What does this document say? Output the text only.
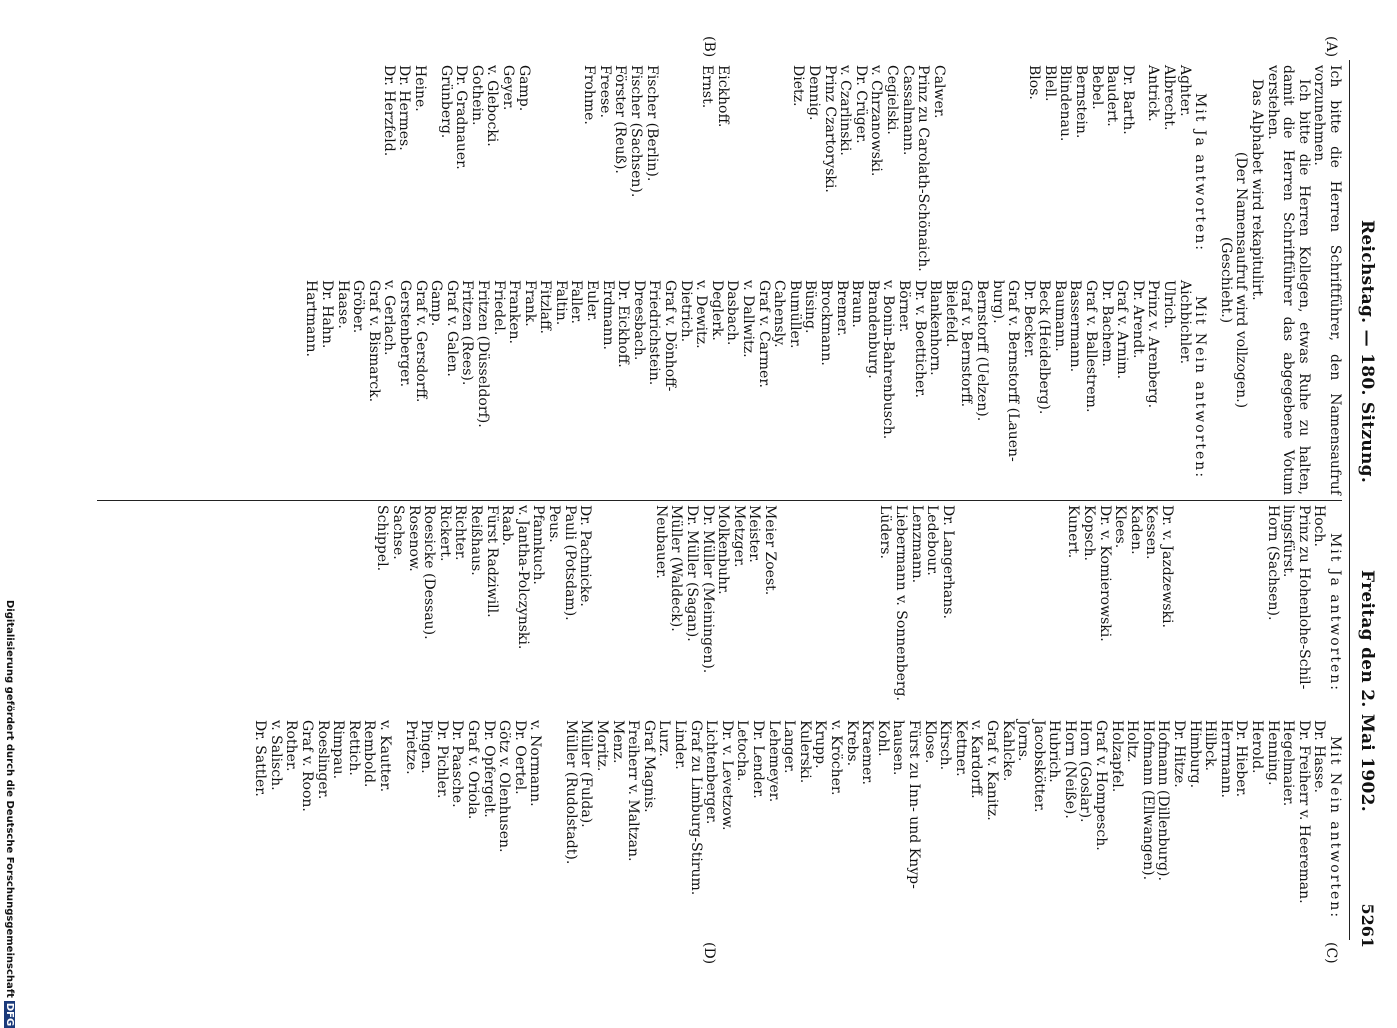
Reichstag. — 180. Sitzung.
Freitag den 2. Mai 1902.
5261
(A)
(B)
(C)
(D)

Ich bitte die Herren Schriftführer, den Namensaufruf vorzunehmen.

Ich bitte die Herren Kollegen, etwas Ruhe zu halten, damit die Herren Schriftführer das abgegebene Votum verstehen.

Das Alphabet wird rekapitulirt.

(Der Namensaufruf wird vollzogen.)

(Geschieht.)

Mit Ja antworten:

Aghter.

Albrecht.

Antrick.

Dr. Barth.

Baudert.

Bebel.

Bernstein.

Blindenau.

Blell.

Blos.

Calwer.

Prinz zu Carolath-Schönaich.

Cassalmann.

Cegielski.

v. Chrzanowski.

Dr. Crüger.

v. Czarlinski.

Prinz Czartoryski.

Dennig.

Dietz.

Eickhoff.

Ernst.

Fischer (Berlin).

Fischer (Sachsen).

Förster (Reuß).

Freese.

Frohme.

Gamp.

Geyer.

v. Glebocki.

Gothein.

Dr. Gradnauer.

Grünberg.

Heine.

Dr. Hermes.

Dr. Herzfeld.

Mit Nein antworten:

Aichbichler.

Ulrich.

Prinz v. Arenberg.

Dr. Arendt.

Graf v. Arnim.

Dr. Bachem.

Graf v. Ballestrem.

Bassermann.

Baumann.

Beck (Heidelberg).

Dr. Becker.

Graf v. Bernstorff (Lauen-

burg).

Bernstorff (Uelzen).

Graf v. Bernstorff.

Bielefeld.

Blankenhorn.

Dr. v. Boetticher.

Börner.

v. Bonin-Bahrenbusch.

Brandenburg.

Braun.

Bremer.

Brockmann.

Büsing.

Bumüller.

Cahensly.

Graf v. Carmer.

v. Dallwitz.

Dasbach.

Deglerk.

v. Dewitz.

Dietrich.

Graf v. Dönhoff-Friedrichstein.

Dreesbach.

Dr. Eickhoff.

Erdmann.

Euler.

Faller.

Faltin.

Fitzlaff.

Frank.

Franken.

Friedel.

Fritzen (Düsseldorf).

Fritzen (Rees).

Graf v. Galen.

Gamp.

Graf v. Gersdorff.

Gerstenberger.

v. Gerlach.

Graf v. Bismarck.

Gröber.

Haase.

Dr. Hahn.

Hartmann.

Mit Ja antworten:

Hoch.

Prinz zu Hohenlohe-Schil-

lingsfürst.

Horn (Sachsen).

Dr. v. Jazdzewski.

Kessen.

Kaden.

Klees.

Dr. v. Komierowski.

Kopsch.

Kunert.

Dr. Langerhans.

Ledebour.

Lenzmann.

Liebermann v. Sonnenberg.

Lüders.

Meier Zoest.

Meister.

Metzger.

Molkenbuhr.

Dr. Müller (Meiningen).

Dr. Müller (Sagan).

Müller (Waldeck).

Neubauer.

Dr. Pachnicke.

Pauli (Potsdam).

Peus.

Pfannkuch.

v. Jantha-Polczynski.

Raab.

Fürst Radziwill.

Reißhaus.

Richter.

Rickert.

Roesicke (Dessau).

Rosenow.

Sachse.

Schippel.

Mit Nein antworten:

Dr. Hasse.

Dr. Freiherr v. Heereman.

Hegelmaier.

Henning.

Herold.

Dr. Hieber.

Herrmann.

Hilbck.

Himburg.

Dr. Hitze.

Hofmann (Dillenburg).

Hofmann (Ellwangen).

Holtz.

Holzapfel.

Graf v. Hompesch.

Horn (Goslar).

Horn (Neiße).

Hubrich.

Jacobskötter.

Jorns.

Kahlcke.

Graf v. Kanitz.

v. Kardorff.

Kettner.

Kirsch.

Klose.

Fürst zu Inn- und Knyp-

hausen.

Kohl.

Kraemer.

Krebs.

v. Kröcher.

Krupp.

Kulerski.

Langer.

Lehemeyer.

Dr. Lender.

Letocha.

Dr. v. Levetzow.

Lichtenberger.

Graf zu Limburg-Stirum.

Linder.

Lurz.

Graf Magnis.

Freiherr v. Maltzan.

Menz.

Moritz.

Müller (Fulda).

Müller (Rudolstadt).

v. Normann.

Dr. Oertel.

Götz v. Olenhusen.

Dr. Opfergelt.

Graf v. Oriola.

Dr. Paasche.

Dr. Pichler.

Pingen.

Prietze.

v. Kautter.

Rembold.

Rettich.

Rimpau.

Roeslinger.

Graf v. Roon.

Rother.

v. Salisch.

Dr. Sattler.

Digitalisierung gefördert durch die Deutsche ForschungsgemeinschaftDFG
